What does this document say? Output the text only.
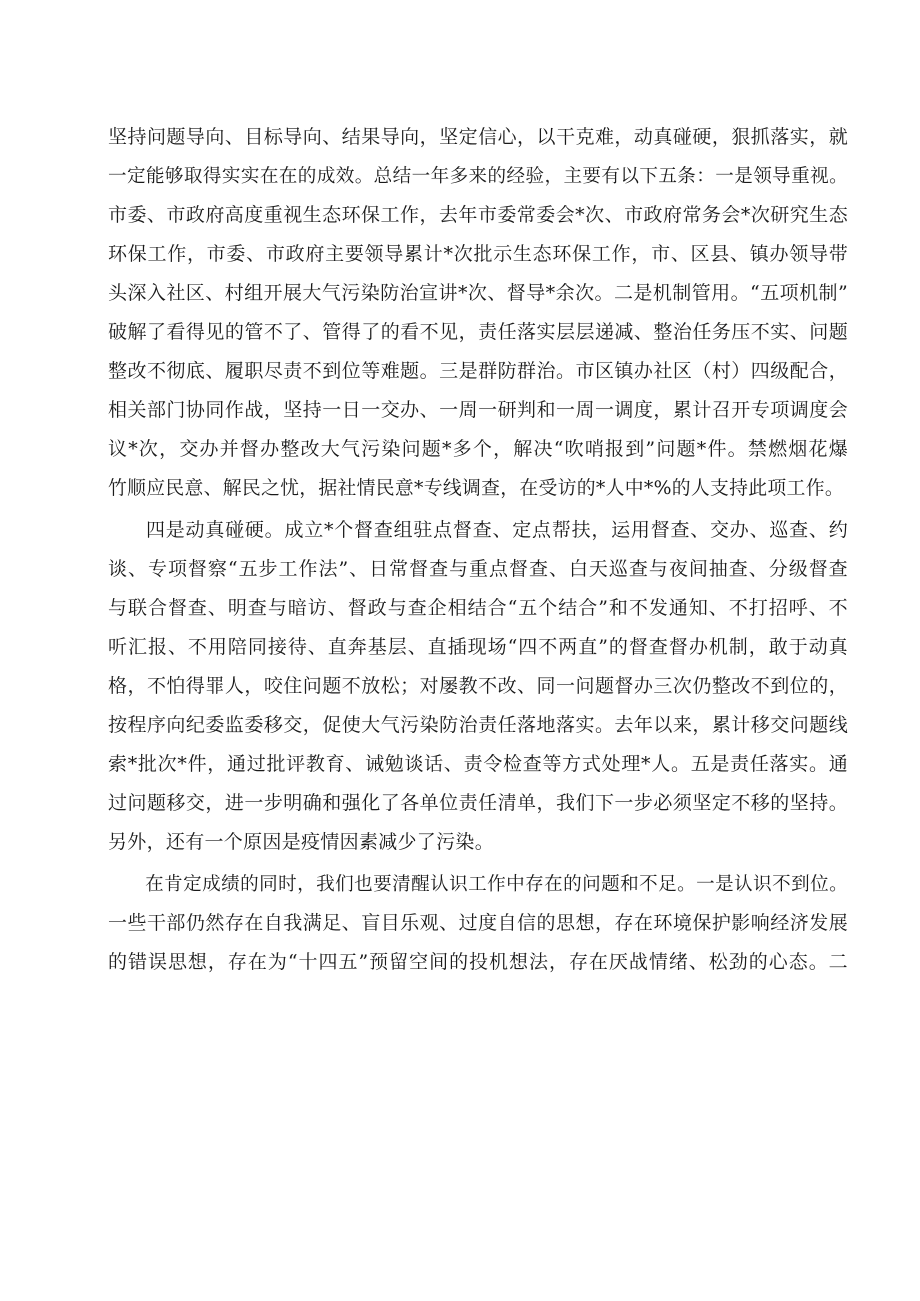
坚持问题导向、目标导向、结果导向，坚定信心，以干克难，动真碰硬，狠抓落实，就
一定能够取得实实在在的成效。总结一年多来的经验，主要有以下五条：一是领导重视。
市委、市政府高度重视生态环保工作，去年市委常委会*次、市政府常务会*次研究生态
环保工作，市委、市政府主要领导累计*次批示生态环保工作，市、区县、镇办领导带
头深入社区、村组开展大气污染防治宣讲*次、督导*余次。二是机制管用。“五项机制”
破解了看得见的管不了、管得了的看不见，责任落实层层递减、整治任务压不实、问题
整改不彻底、履职尽责不到位等难题。三是群防群治。市区镇办社区（村）四级配合，
相关部门协同作战，坚持一日一交办、一周一研判和一周一调度，累计召开专项调度会
议*次，交办并督办整改大气污染问题*多个，解决“吹哨报到”问题*件。禁燃烟花爆
竹顺应民意、解民之忧，据社情民意*专线调查，在受访的*人中*%的人支持此项工作。

四是动真碰硬。成立*个督查组驻点督查、定点帮扶，运用督查、交办、巡查、约
谈、专项督察“五步工作法”、日常督查与重点督查、白天巡查与夜间抽查、分级督查
与联合督查、明查与暗访、督政与查企相结合“五个结合”和不发通知、不打招呼、不
听汇报、不用陪同接待、直奔基层、直插现场“四不两直”的督查督办机制，敢于动真
格，不怕得罪人，咬住问题不放松；对屡教不改、同一问题督办三次仍整改不到位的，
按程序向纪委监委移交，促使大气污染防治责任落地落实。去年以来，累计移交问题线
索*批次*件，通过批评教育、诫勉谈话、责令检查等方式处理*人。五是责任落实。通
过问题移交，进一步明确和强化了各单位责任清单，我们下一步必须坚定不移的坚持。
另外，还有一个原因是疫情因素减少了污染。

在肯定成绩的同时，我们也要清醒认识工作中存在的问题和不足。一是认识不到位。
一些干部仍然存在自我满足、盲目乐观、过度自信的思想，存在环境保护影响经济发展
的错误思想，存在为“十四五”预留空间的投机想法，存在厌战情绪、松劲的心态。二
